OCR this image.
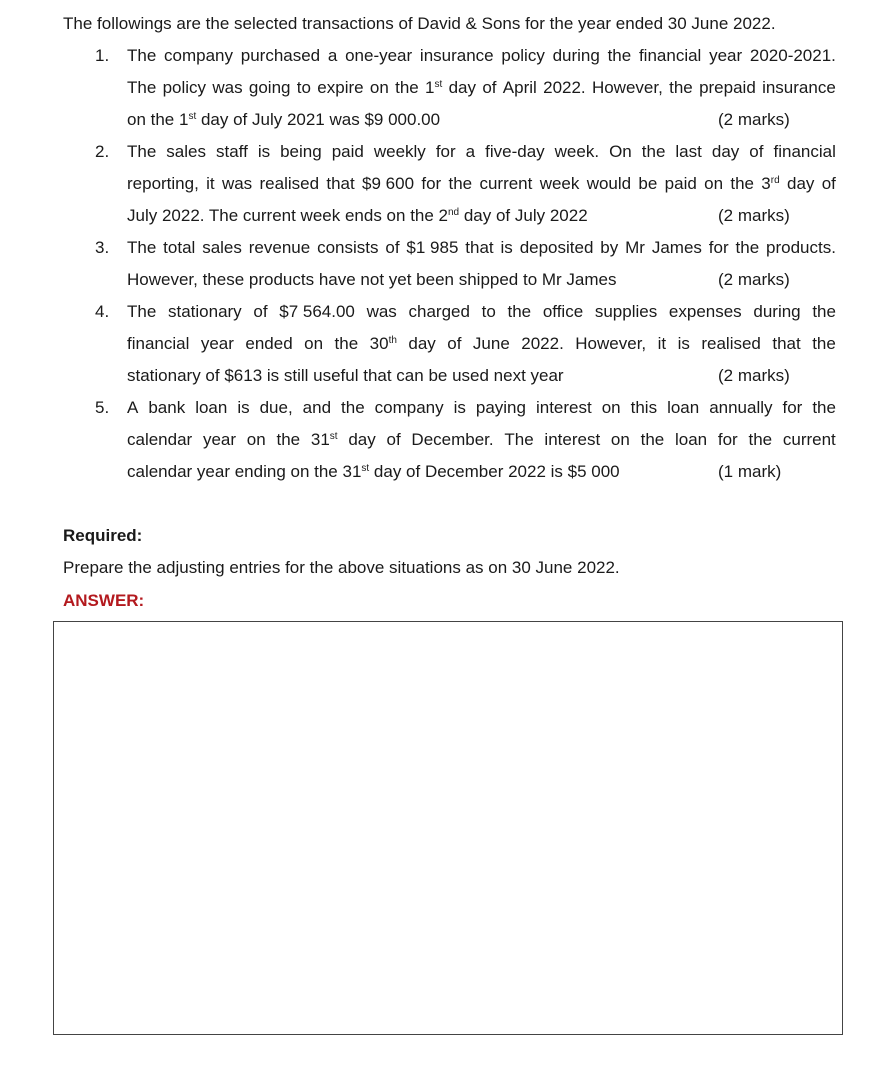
The followings are the selected transactions of David & Sons for the year ended 30 June 2022.
1. The company purchased a one-year insurance policy during the financial year 2020-2021.
The policy was going to expire on the 1st day of April 2022. However, the prepaid insurance
on the 1st day of July 2021 was $9 000.00	(2 marks)
2. The sales staff is being paid weekly for a five-day week. On the last day of financial
reporting, it was realised that $9 600 for the current week would be paid on the 3rd day of
July 2022. The current week ends on the 2nd day of July 2022	(2 marks)
3. The total sales revenue consists of $1 985 that is deposited by Mr James for the products.
However, these products have not yet been shipped to Mr James	(2 marks)
4. The stationary of $7 564.00 was charged to the office supplies expenses during the
financial year ended on the 30th day of June 2022. However, it is realised that the
stationary of $613 is still useful that can be used next year	(2 marks)
5. A bank loan is due, and the company is paying interest on this loan annually for the
calendar year on the 31st day of December. The interest on the loan for the current
calendar year ending on the 31st day of December 2022 is $5 000	(1 mark)
Required:
Prepare the adjusting entries for the above situations as on 30 June 2022.
ANSWER:
